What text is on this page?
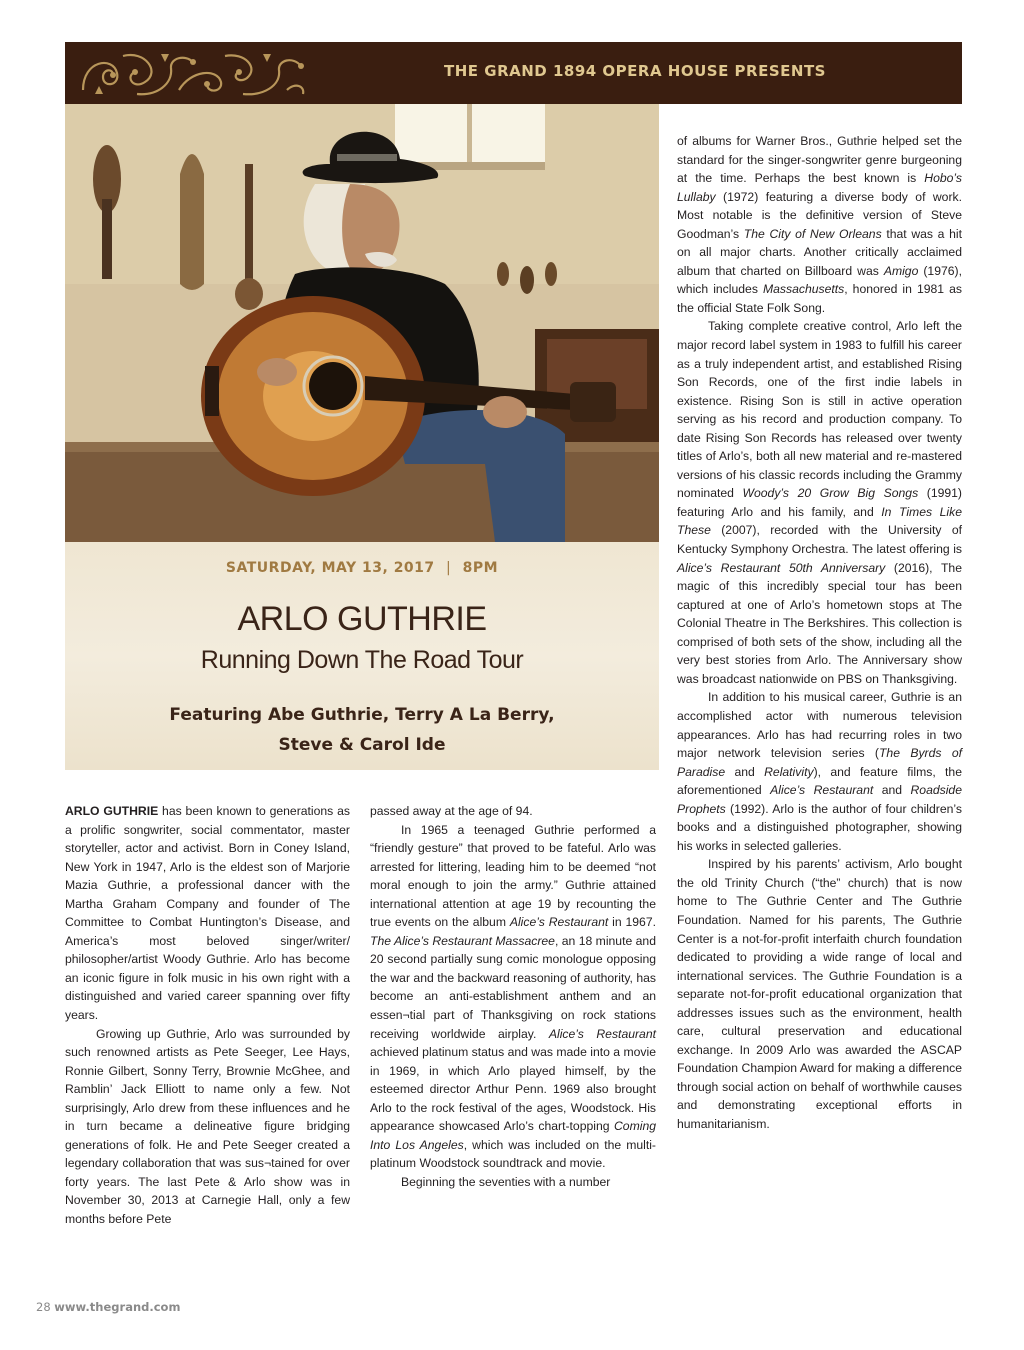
THE GRAND 1894 OPERA HOUSE PRESENTS
SATURDAY, MAY 13, 2017 | 8PM
ARLO GUTHRIE
Running Down The Road Tour
Featuring Abe Guthrie, Terry A La Berry,
Steve & Carol Ide

ARLO GUTHRIE has been known to generations as a prolific songwriter, social commentator, master storyteller, actor and activist. Born in Coney Island, New York in 1947, Arlo is the eldest son of Marjorie Mazia Guthrie, a professional dancer with the Martha Graham Company and founder of The Committee to Combat Huntington’s Disease, and America’s most beloved singer/writer/ philosopher/artist Woody Guthrie. Arlo has become an iconic figure in folk music in his own right with a distinguished and varied career spanning over fifty years.

Growing up Guthrie, Arlo was surrounded by such renowned artists as Pete Seeger, Lee Hays, Ronnie Gilbert, Sonny Terry, Brownie McGhee, and Ramblin’ Jack Elliott to name only a few. Not surprisingly, Arlo drew from these influences and he in turn became a delineative figure bridging generations of folk. He and Pete Seeger created a legendary collaboration that was sus¬tained for over forty years. The last Pete & Arlo show was in November 30, 2013 at Carnegie Hall, only a few months before Pete

passed away at the age of 94.

In 1965 a teenaged Guthrie performed a “friendly gesture” that proved to be fateful. Arlo was arrested for littering, leading him to be deemed “not moral enough to join the army.” Guthrie attained international attention at age 19 by recounting the true events on the album Alice’s Restaurant in 1967. The Alice’s Restaurant Massacree, an 18 minute and 20 second partially sung comic monologue opposing the war and the backward reasoning of authority, has become an anti-establishment anthem and an essen¬tial part of Thanksgiving on rock stations receiving worldwide airplay. Alice’s Restaurant achieved platinum status and was made into a movie in 1969, in which Arlo played himself, by the esteemed director Arthur Penn. 1969 also brought Arlo to the rock festival of the ages, Woodstock. His appearance showcased Arlo’s chart-topping Coming Into Los Angeles, which was included on the multi-platinum Woodstock soundtrack and movie.

Beginning the seventies with a number

of albums for Warner Bros., Guthrie helped set the standard for the singer-songwriter genre burgeoning at the time. Perhaps the best known is Hobo’s Lullaby (1972) featuring a diverse body of work. Most notable is the definitive version of Steve Goodman’s The City of New Orleans that was a hit on all major charts. Another critically acclaimed album that charted on Billboard was Amigo (1976), which includes Massachusetts, honored in 1981 as the official State Folk Song.

Taking complete creative control, Arlo left the major record label system in 1983 to fulfill his career as a truly independent artist, and established Rising Son Records, one of the first indie labels in existence. Rising Son is still in active operation serving as his record and production company. To date Rising Son Records has released over twenty titles of Arlo’s, both all new material and re-mastered versions of his classic records including the Grammy nominated Woody’s 20 Grow Big Songs (1991) featuring Arlo and his family, and In Times Like These (2007), recorded with the University of Kentucky Symphony Orchestra. The latest offering is Alice’s Restaurant 50th Anniversary (2016), The magic of this incredibly special tour has been captured at one of Arlo’s hometown stops at The Colonial Theatre in The Berkshires. This collection is comprised of both sets of the show, including all the very best stories from Arlo. The Anniversary show was broadcast nationwide on PBS on Thanksgiving.

In addition to his musical career, Guthrie is an accomplished actor with numerous television appearances. Arlo has had recurring roles in two major network television series (The Byrds of Paradise and Relativity), and feature films, the aforementioned Alice’s Restaurant and Roadside Prophets (1992). Arlo is the author of four children’s books and a distinguished photographer, showing his works in selected galleries.

Inspired by his parents’ activism, Arlo bought the old Trinity Church (“the” church) that is now home to The Guthrie Center and The Guthrie Foundation. Named for his parents, The Guthrie Center is a not-for-profit interfaith church foundation dedicated to providing a wide range of local and international services. The Guthrie Foundation is a separate not-for-profit educational organization that addresses issues such as the environment, health care, cultural preservation and educational exchange. In 2009 Arlo was awarded the ASCAP Foundation Champion Award for making a difference through social action on behalf of worthwhile causes and demonstrating exceptional efforts in humanitarianism.

28 www.thegrand.com
